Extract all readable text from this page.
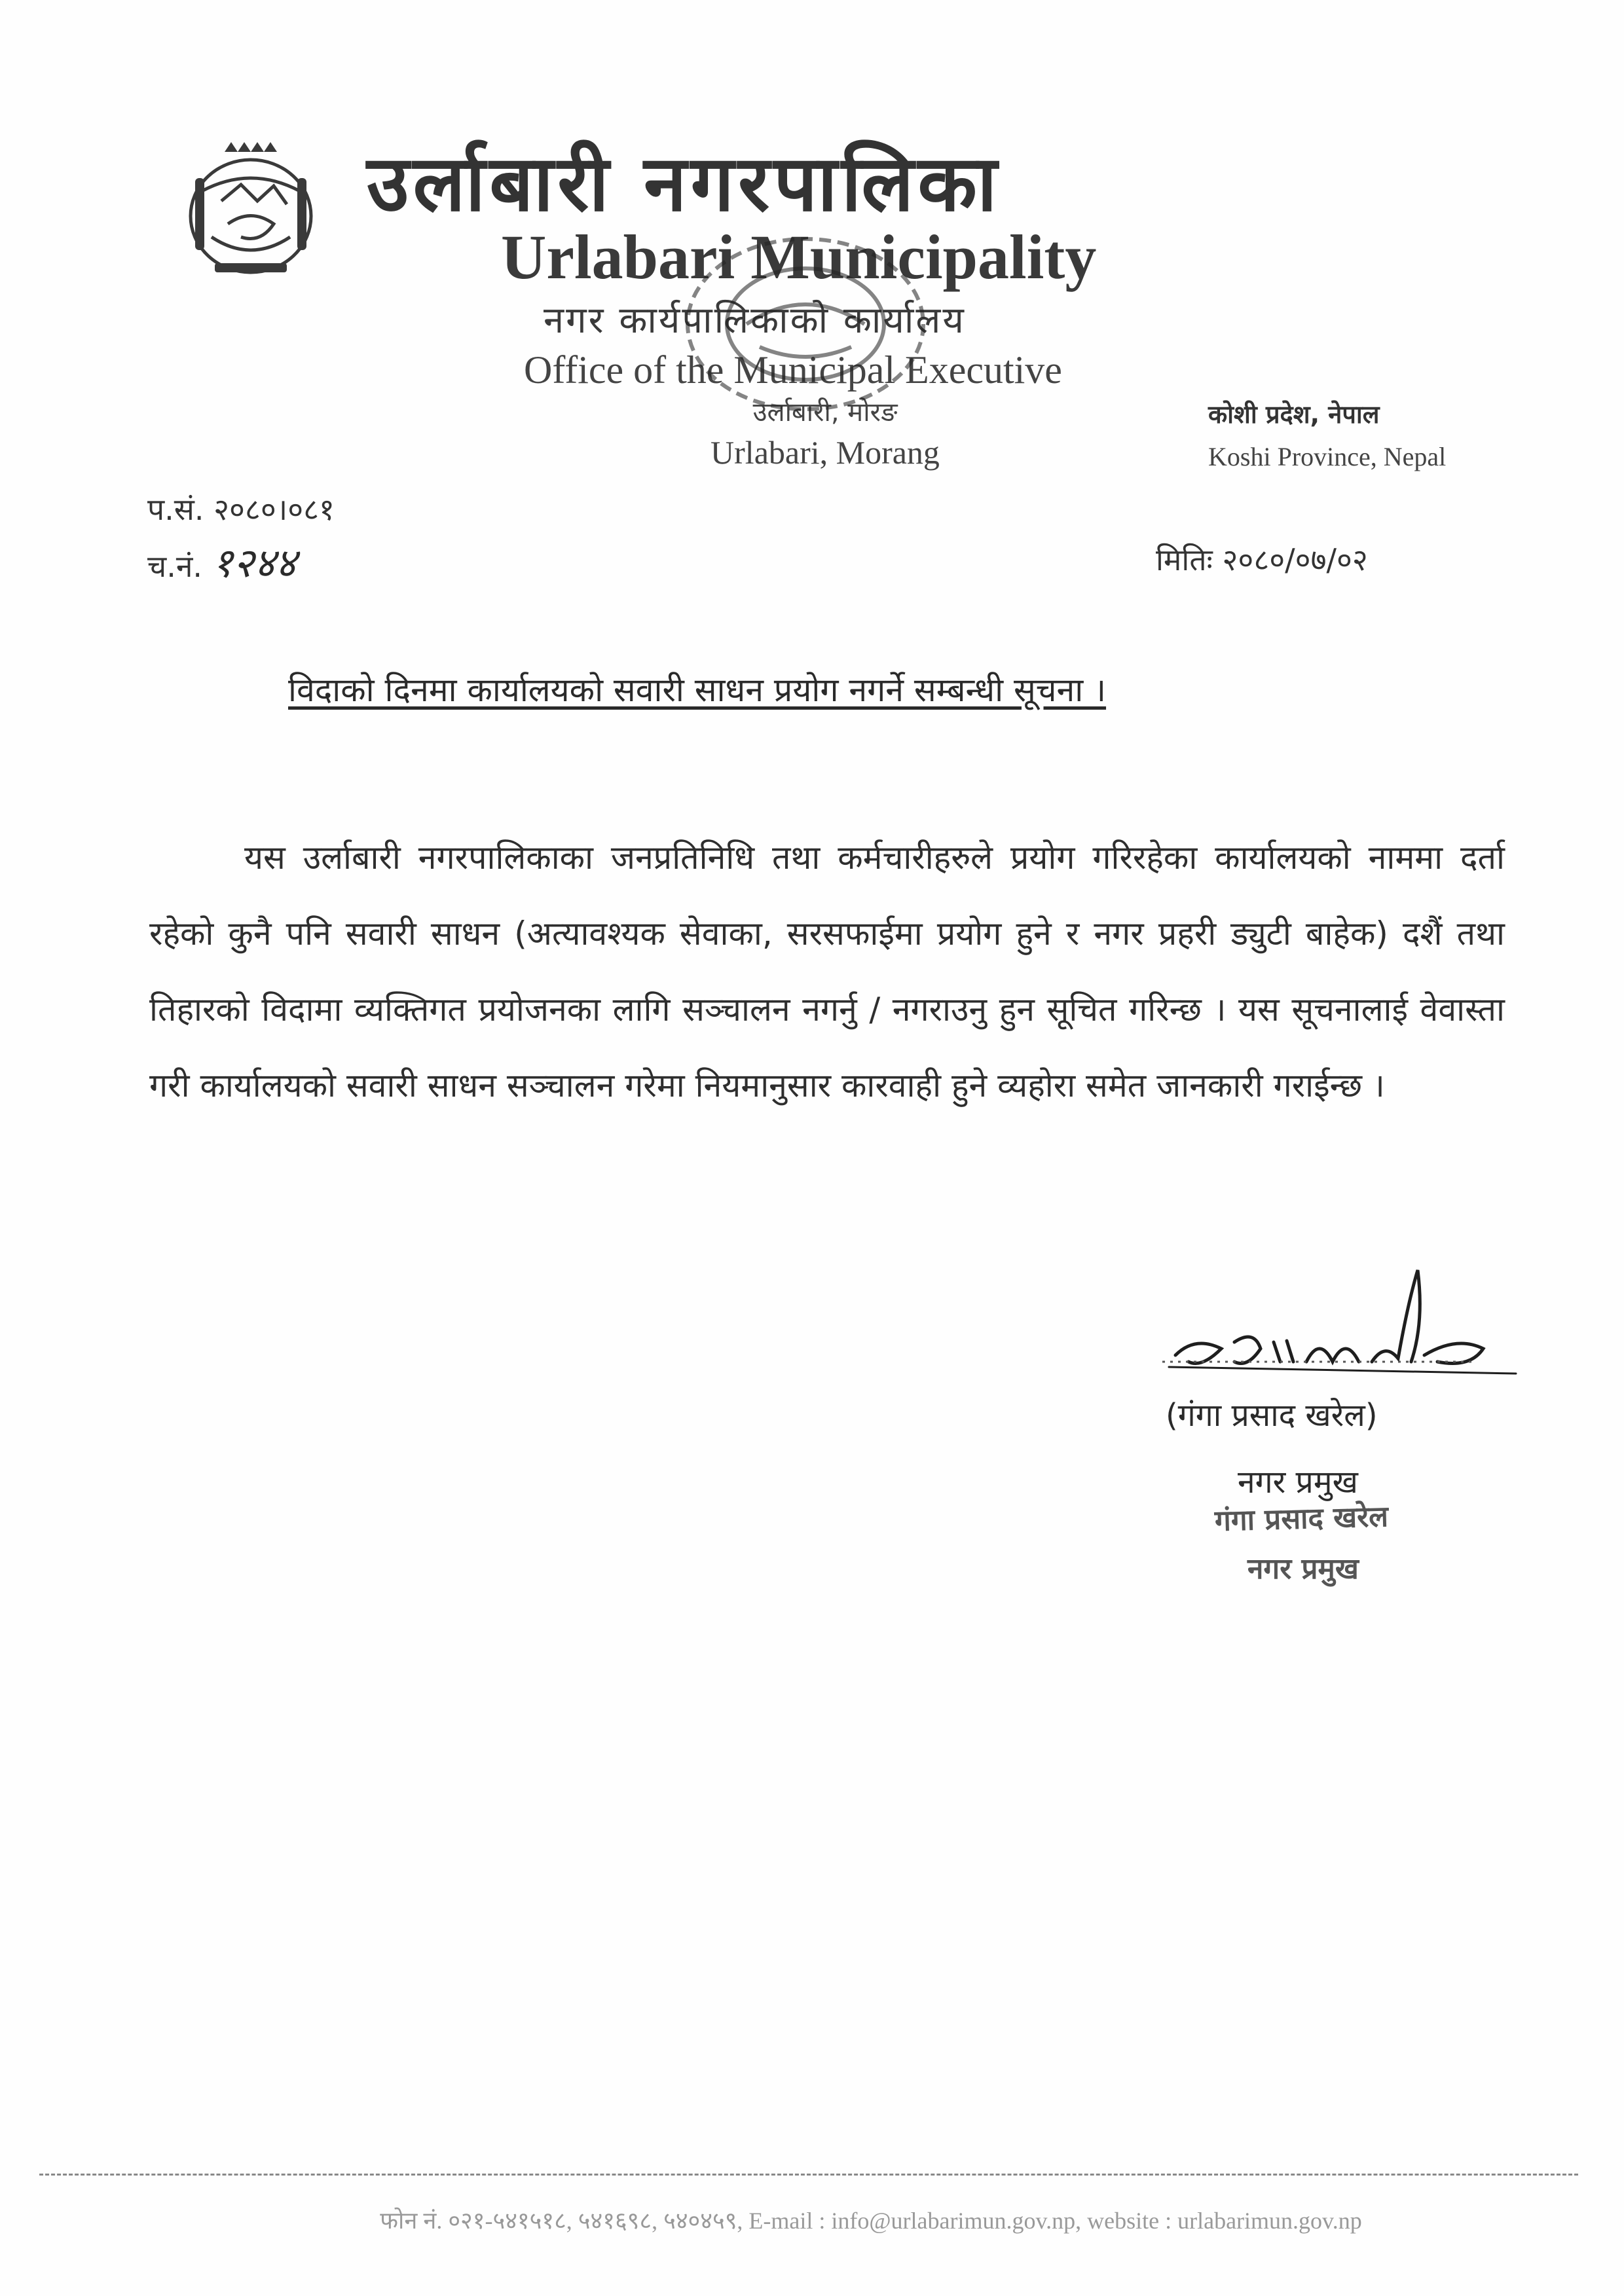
उर्लाबारी नगरपालिका
Urlabari Municipality
नगर कार्यपालिकाको कार्यालय
Office of the Municipal Executive
उर्लाबारी, मोरङ
Urlabari, Morang
कोशी प्रदेश, नेपाल
Koshi Province, Nepal
प.सं. २०८०।०८१
च.नं. १२४४	मितिः २०८०/०७/०२
विदाको दिनमा कार्यालयको सवारी साधन प्रयोग नगर्ने सम्बन्धी सूचना ।
यस उर्लाबारी नगरपालिकाका जनप्रतिनिधि तथा कर्मचारीहरुले प्रयोग गरिरहेका कार्यालयको नाममा दर्ता रहेको कुनै पनि सवारी साधन (अत्यावश्यक सेवाका, सरसफाईमा प्रयोग हुने र नगर प्रहरी ड्युटी बाहेक) दशैं तथा तिहारको विदामा व्यक्तिगत प्रयोजनका लागि सञ्चालन नगर्नु / नगराउनु हुन सूचित गरिन्छ । यस सूचनालाई वेवास्ता गरी कार्यालयको सवारी साधन सञ्चालन गरेमा नियमानुसार कारवाही हुने व्यहोरा समेत जानकारी गराईन्छ ।
(गंगा प्रसाद खरेल)
नगर प्रमुख
गंगा प्रसाद खरेल
नगर प्रमुख
फोन नं. ०२१-५४१५१८, ५४१६९८, ५४०४५९, E-mail : info@urlabarimun.gov.np, website : urlabarimun.gov.np
